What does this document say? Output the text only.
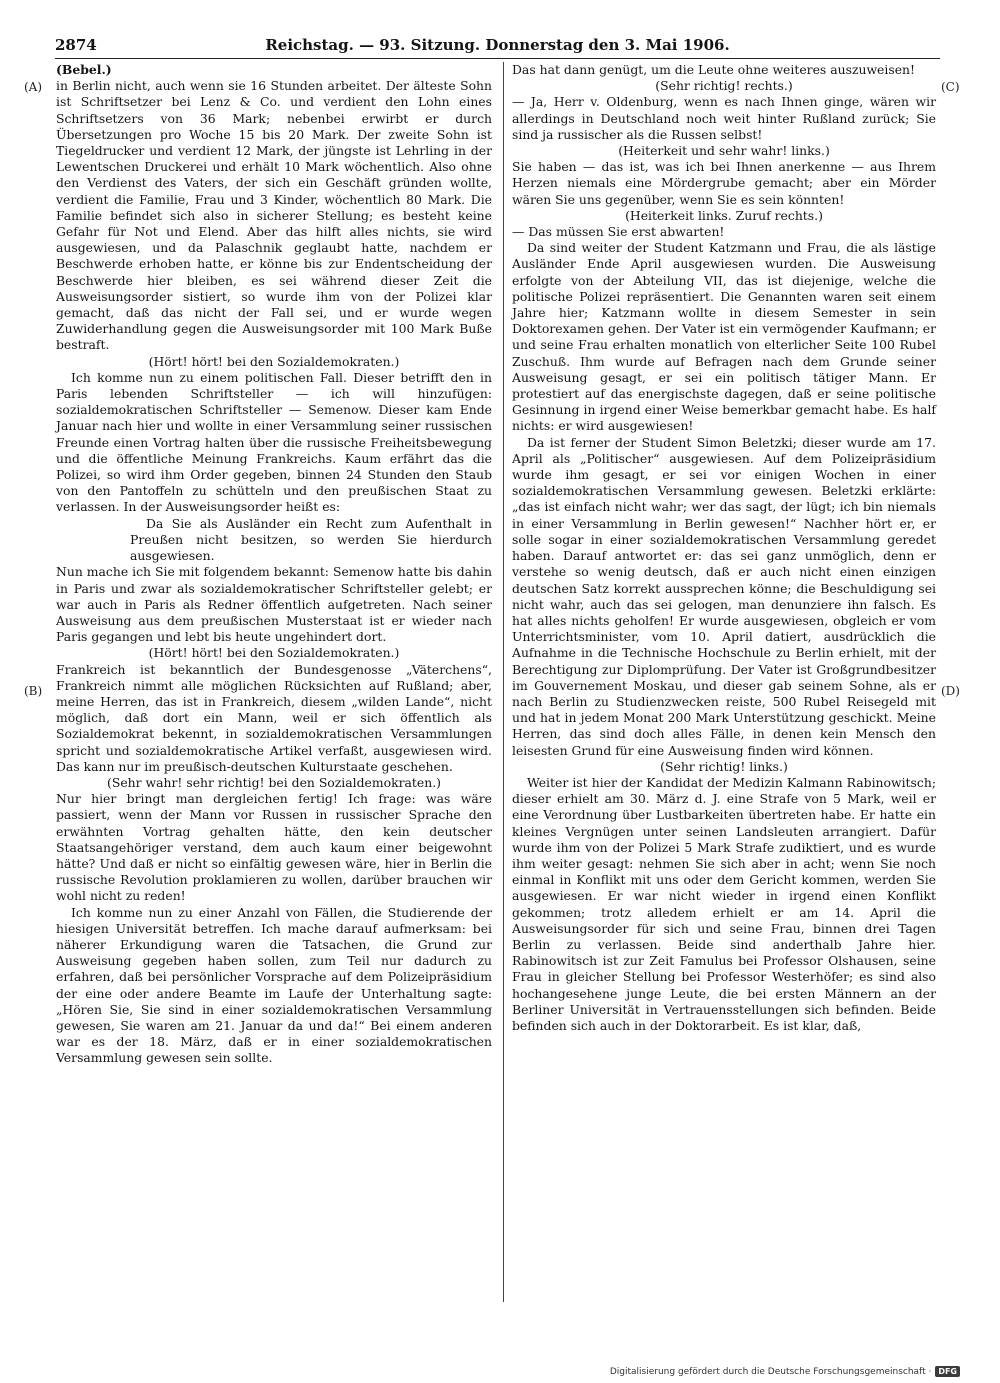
2874	Reichstag. — 93. Sitzung. Donnerstag den 3. Mai 1906.
(A)
(B)
(C)
(D)

(Bebel.)

in Berlin nicht, auch wenn sie 16 Stunden arbeitet. Der älteste Sohn ist Schriftsetzer bei Lenz & Co. und verdient den Lohn eines Schriftsetzers von 36 Mark; nebenbei erwirbt er durch Übersetzungen pro Woche 15 bis 20 Mark. Der zweite Sohn ist Tiegeldrucker und verdient 12 Mark, der jüngste ist Lehrling in der Lewentschen Druckerei und erhält 10 Mark wöchentlich. Also ohne den Verdienst des Vaters, der sich ein Geschäft gründen wollte, verdient die Familie, Frau und 3 Kinder, wöchentlich 80 Mark. Die Familie befindet sich also in sicherer Stellung; es besteht keine Gefahr für Not und Elend. Aber das hilft alles nichts, sie wird ausgewiesen, und da Palaschnik geglaubt hatte, nachdem er Beschwerde erhoben hatte, er könne bis zur Endentscheidung der Beschwerde hier bleiben, es sei während dieser Zeit die Ausweisungsorder sistiert, so wurde ihm von der Polizei klar gemacht, daß das nicht der Fall sei, und er wurde wegen Zuwiderhandlung gegen die Ausweisungsorder mit 100 Mark Buße bestraft.

(Hört! hört! bei den Sozialdemokraten.)

Ich komme nun zu einem politischen Fall. Dieser betrifft den in Paris lebenden Schriftsteller — ich will hinzufügen: sozialdemokratischen Schriftsteller — Semenow. Dieser kam Ende Januar nach hier und wollte in einer Versammlung seiner russischen Freunde einen Vortrag halten über die russische Freiheitsbewegung und die öffentliche Meinung Frankreichs. Kaum erfährt das die Polizei, so wird ihm Order gegeben, binnen 24 Stunden den Staub von den Pantoffeln zu schütteln und den preußischen Staat zu verlassen. In der Ausweisungsorder heißt es:

Da Sie als Ausländer ein Recht zum Aufenthalt in Preußen nicht besitzen, so werden Sie hierdurch ausgewiesen.

Nun mache ich Sie mit folgendem bekannt: Semenow hatte bis dahin in Paris und zwar als sozialdemokratischer Schriftsteller gelebt; er war auch in Paris als Redner öffentlich aufgetreten. Nach seiner Ausweisung aus dem preußischen Musterstaat ist er wieder nach Paris gegangen und lebt bis heute ungehindert dort.

(Hört! hört! bei den Sozialdemokraten.)

Frankreich ist bekanntlich der Bundesgenosse „Väterchens“, Frankreich nimmt alle möglichen Rücksichten auf Rußland; aber, meine Herren, das ist in Frankreich, diesem „wilden Lande“, nicht möglich, daß dort ein Mann, weil er sich öffentlich als Sozialdemokrat bekennt, in sozialdemokratischen Versammlungen spricht und sozialdemokratische Artikel verfaßt, ausgewiesen wird. Das kann nur im preußisch-deutschen Kulturstaate geschehen.

(Sehr wahr! sehr richtig! bei den Sozialdemokraten.)

Nur hier bringt man dergleichen fertig! Ich frage: was wäre passiert, wenn der Mann vor Russen in russischer Sprache den erwähnten Vortrag gehalten hätte, den kein deutscher Staatsangehöriger verstand, dem auch kaum einer beigewohnt hätte? Und daß er nicht so einfältig gewesen wäre, hier in Berlin die russische Revolution proklamieren zu wollen, darüber brauchen wir wohl nicht zu reden!

Ich komme nun zu einer Anzahl von Fällen, die Studierende der hiesigen Universität betreffen. Ich mache darauf aufmerksam: bei näherer Erkundigung waren die Tatsachen, die Grund zur Ausweisung gegeben haben sollen, zum Teil nur dadurch zu erfahren, daß bei persönlicher Vorsprache auf dem Polizeipräsidium der eine oder andere Beamte im Laufe der Unterhaltung sagte: „Hören Sie, Sie sind in einer sozialdemokratischen Versammlung gewesen, Sie waren am 21. Januar da und da!“ Bei einem anderen war es der 18. März, daß er in einer sozialdemokratischen Versammlung gewesen sein sollte.

Das hat dann genügt, um die Leute ohne weiteres auszuweisen!

(Sehr richtig! rechts.)

— Ja, Herr v. Oldenburg, wenn es nach Ihnen ginge, wären wir allerdings in Deutschland noch weit hinter Rußland zurück; Sie sind ja russischer als die Russen selbst!

(Heiterkeit und sehr wahr! links.)

Sie haben — das ist, was ich bei Ihnen anerkenne — aus Ihrem Herzen niemals eine Mördergrube gemacht; aber ein Mörder wären Sie uns gegenüber, wenn Sie es sein könnten!

(Heiterkeit links. Zuruf rechts.)

— Das müssen Sie erst abwarten!

Da sind weiter der Student Katzmann und Frau, die als lästige Ausländer Ende April ausgewiesen wurden. Die Ausweisung erfolgte von der Abteilung VII, das ist diejenige, welche die politische Polizei repräsentiert. Die Genannten waren seit einem Jahre hier; Katzmann wollte in diesem Semester in sein Doktorexamen gehen. Der Vater ist ein vermögender Kaufmann; er und seine Frau erhalten monatlich von elterlicher Seite 100 Rubel Zuschuß. Ihm wurde auf Befragen nach dem Grunde seiner Ausweisung gesagt, er sei ein politisch tätiger Mann. Er protestiert auf das energischste dagegen, daß er seine politische Gesinnung in irgend einer Weise bemerkbar gemacht habe. Es half nichts: er wird ausgewiesen!

Da ist ferner der Student Simon Beletzki; dieser wurde am 17. April als „Politischer“ ausgewiesen. Auf dem Polizeipräsidium wurde ihm gesagt, er sei vor einigen Wochen in einer sozialdemokratischen Versammlung gewesen. Beletzki erklärte: „das ist einfach nicht wahr; wer das sagt, der lügt; ich bin niemals in einer Versammlung in Berlin gewesen!“ Nachher hört er, er solle sogar in einer sozialdemokratischen Versammlung geredet haben. Darauf antwortet er: das sei ganz unmöglich, denn er verstehe so wenig deutsch, daß er auch nicht einen einzigen deutschen Satz korrekt aussprechen könne; die Beschuldigung sei nicht wahr, auch das sei gelogen, man denunziere ihn falsch. Es hat alles nichts geholfen! Er wurde ausgewiesen, obgleich er vom Unterrichtsminister, vom 10. April datiert, ausdrücklich die Aufnahme in die Technische Hochschule zu Berlin erhielt, mit der Berechtigung zur Diplomprüfung. Der Vater ist Großgrundbesitzer im Gouvernement Moskau, und dieser gab seinem Sohne, als er nach Berlin zu Studienzwecken reiste, 500 Rubel Reisegeld mit und hat in jedem Monat 200 Mark Unterstützung geschickt. Meine Herren, das sind doch alles Fälle, in denen kein Mensch den leisesten Grund für eine Ausweisung finden wird können.

(Sehr richtig! links.)

Weiter ist hier der Kandidat der Medizin Kalmann Rabinowitsch; dieser erhielt am 30. März d. J. eine Strafe von 5 Mark, weil er eine Verordnung über Lustbarkeiten übertreten habe. Er hatte ein kleines Vergnügen unter seinen Landsleuten arrangiert. Dafür wurde ihm von der Polizei 5 Mark Strafe zudiktiert, und es wurde ihm weiter gesagt: nehmen Sie sich aber in acht; wenn Sie noch einmal in Konflikt mit uns oder dem Gericht kommen, werden Sie ausgewiesen. Er war nicht wieder in irgend einen Konflikt gekommen; trotz alledem erhielt er am 14. April die Ausweisungsorder für sich und seine Frau, binnen drei Tagen Berlin zu verlassen. Beide sind anderthalb Jahre hier. Rabinowitsch ist zur Zeit Famulus bei Professor Olshausen, seine Frau in gleicher Stellung bei Professor Westerhöfer; es sind also hochangesehene junge Leute, die bei ersten Männern an der Berliner Universität in Vertrauensstellungen sich befinden. Beide befinden sich auch in der Doktorarbeit. Es ist klar, daß,

Digitalisierung gefördert durch die Deutsche Forschungsgemeinschaft · DFG
